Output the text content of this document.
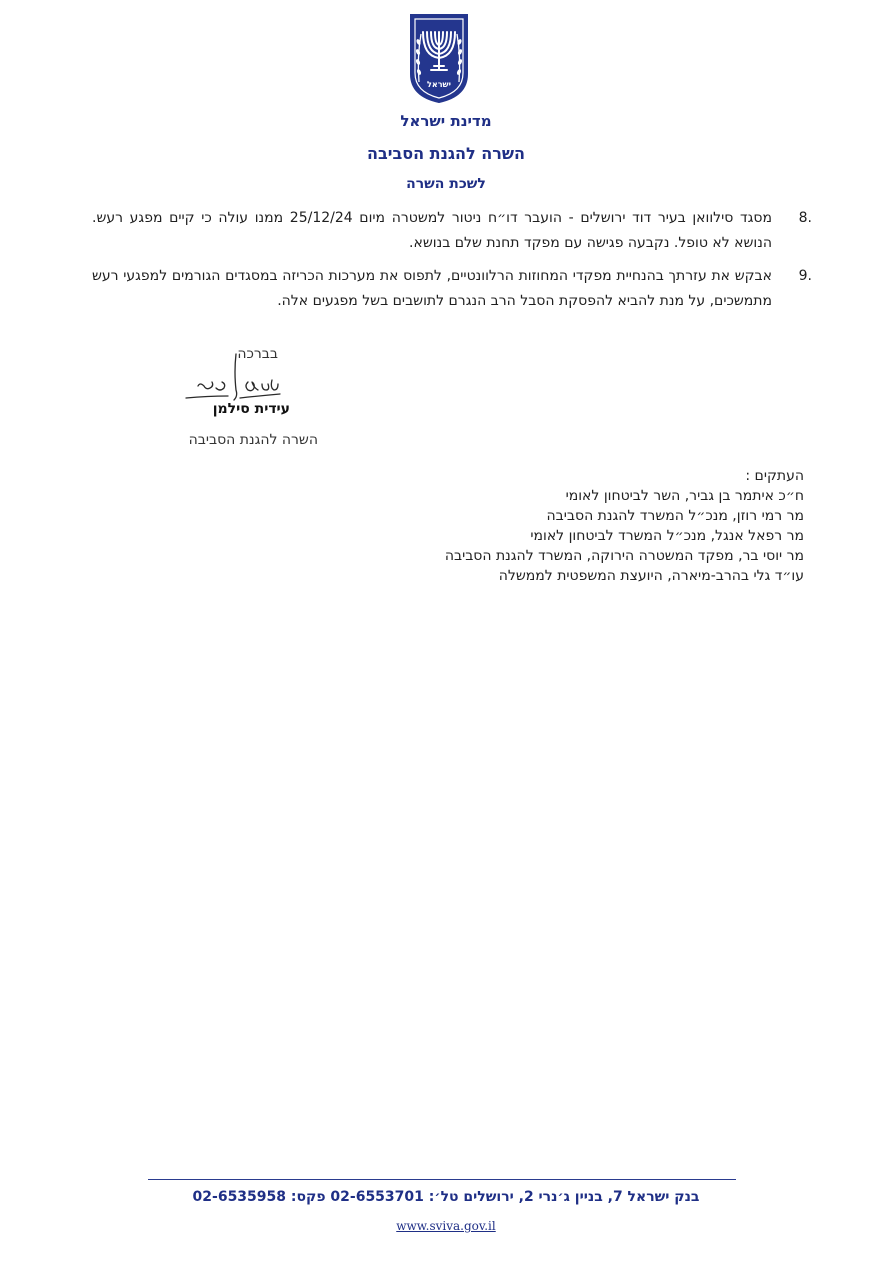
ישראל
מדינת ישראל
השרה להגנת הסביבה
לשכת השרה
8.
מסגד סילוואן בעיר דוד ירושלים - הועבר דו״ח ניטור למשטרה מיום 25/12/24 ממנו עולה כי קיים מפגע רעש. הנושא לא טופל. נקבעה פגישה עם מפקד תחנת שלם בנושא.
9.
אבקש את עזרתך בהנחיית מפקדי המחוזות הרלוונטיים, לתפוס את מערכות הכריזה במסגדים הגורמים למפגעי רעש מתמשכים, על מנת להביא להפסקת הסבל הרב הנגרם לתושבים בשל מפגעים אלה.
בברכה
עידית סילמן
השרה להגנת הסביבה
העתקים :
ח״כ איתמר בן גביר, השר לביטחון לאומי
מר רמי רוזן, מנכ״ל המשרד להגנת הסביבה
מר רפאל אנגל, מנכ״ל המשרד לביטחון לאומי
מר יוסי בר, מפקד המשטרה הירוקה, המשרד להגנת הסביבה
עו״ד גלי בהרב-מיארה, היועצת המשפטית לממשלה
בנק ישראל 7, בניין ג׳נרי 2, ירושלים טל׳: 02-6553701 פקס: 02-6535958
www.sviva.gov.il
